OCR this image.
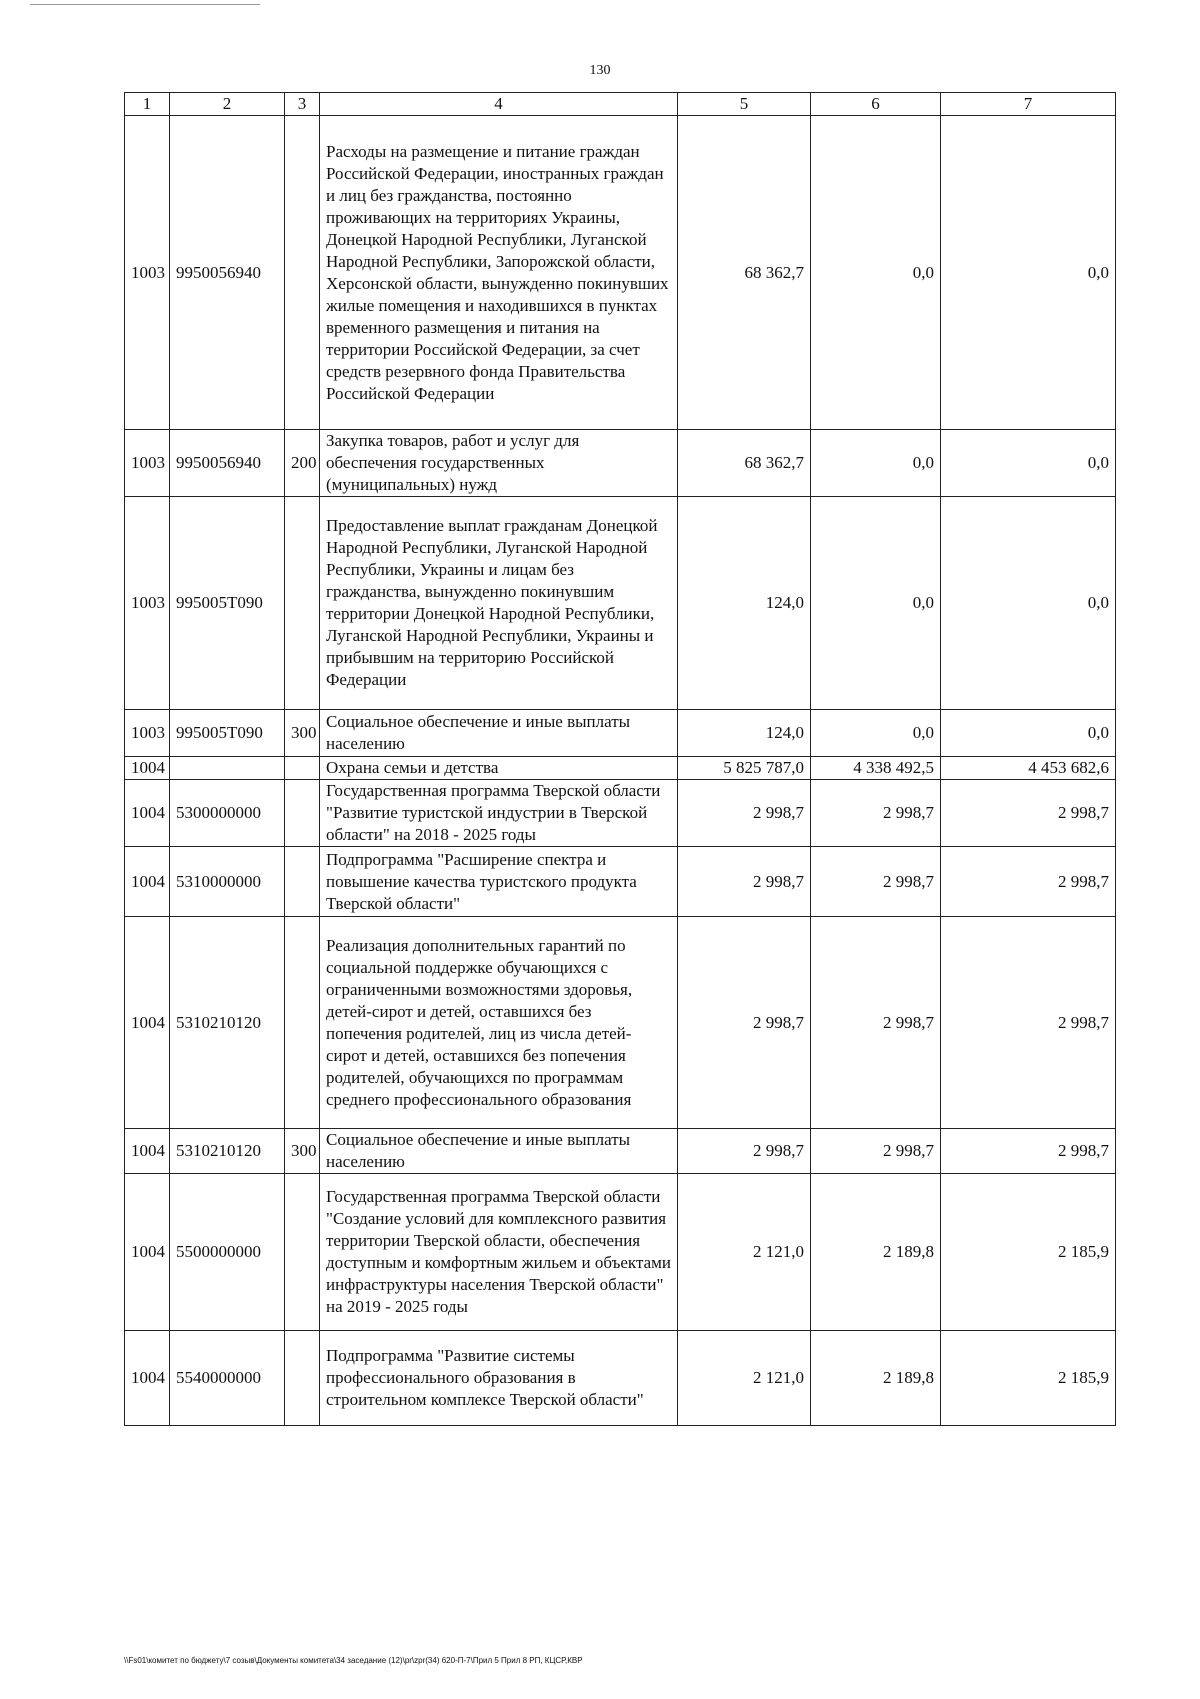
130
1	2	3	4	5	6	7
1003	9950056940		Расходы на размещение и питание граждан Российской Федерации, иностранных граждан и лиц без гражданства, постоянно проживающих на территориях Украины, Донецкой Народной Республики, Луганской Народной Республики, Запорожской области, Херсонской области, вынужденно покинувших жилые помещения и находившихся в пунктах временного размещения и питания на территории Российской Федерации, за счет средств резервного фонда Правительства Российской Федерации	68 362,7	0,0	0,0
1003	9950056940	200	Закупка товаров, работ и услуг для обеспечения государственных (муниципальных) нужд	68 362,7	0,0	0,0
1003	995005Т090		Предоставление выплат гражданам Донецкой Народной Республики, Луганской Народной Республики, Украины и лицам без гражданства, вынужденно покинувшим территории Донецкой Народной Республики, Луганской Народной Республики, Украины и прибывшим на территорию Российской Федерации	124,0	0,0	0,0
1003	995005Т090	300	Социальное обеспечение и иные выплаты населению	124,0	0,0	0,0
1004			Охрана семьи и детства	5 825 787,0	4 338 492,5	4 453 682,6
1004	5300000000		Государственная программа Тверской области "Развитие туристской индустрии в Тверской области" на 2018 - 2025 годы	2 998,7	2 998,7	2 998,7
1004	5310000000		Подпрограмма "Расширение спектра и повышение качества туристского продукта Тверской области"	2 998,7	2 998,7	2 998,7
1004	5310210120		Реализация дополнительных гарантий по социальной поддержке обучающихся с ограниченными возможностями здоровья, детей-сирот и детей, оставшихся без попечения родителей, лиц из числа детей-сирот и детей, оставшихся без попечения родителей, обучающихся по программам среднего профессионального образования	2 998,7	2 998,7	2 998,7
1004	5310210120	300	Социальное обеспечение и иные выплаты населению	2 998,7	2 998,7	2 998,7
1004	5500000000		Государственная программа Тверской области "Создание условий для комплексного развития территории Тверской области, обеспечения доступным и комфортным жильем и объектами инфраструктуры населения Тверской области" на 2019 - 2025 годы	2 121,0	2 189,8	2 185,9
1004	5540000000		Подпрограмма "Развитие системы профессионального образования в строительном комплексе Тверской области"	2 121,0	2 189,8	2 185,9
\\Fs01\комитет по бюджету\7 созыв\Документы комитета\34 заседание (12)\pr\zpr(34) 620-П-7\Прил 5 Прил 8 РП, КЦСР,КВР
